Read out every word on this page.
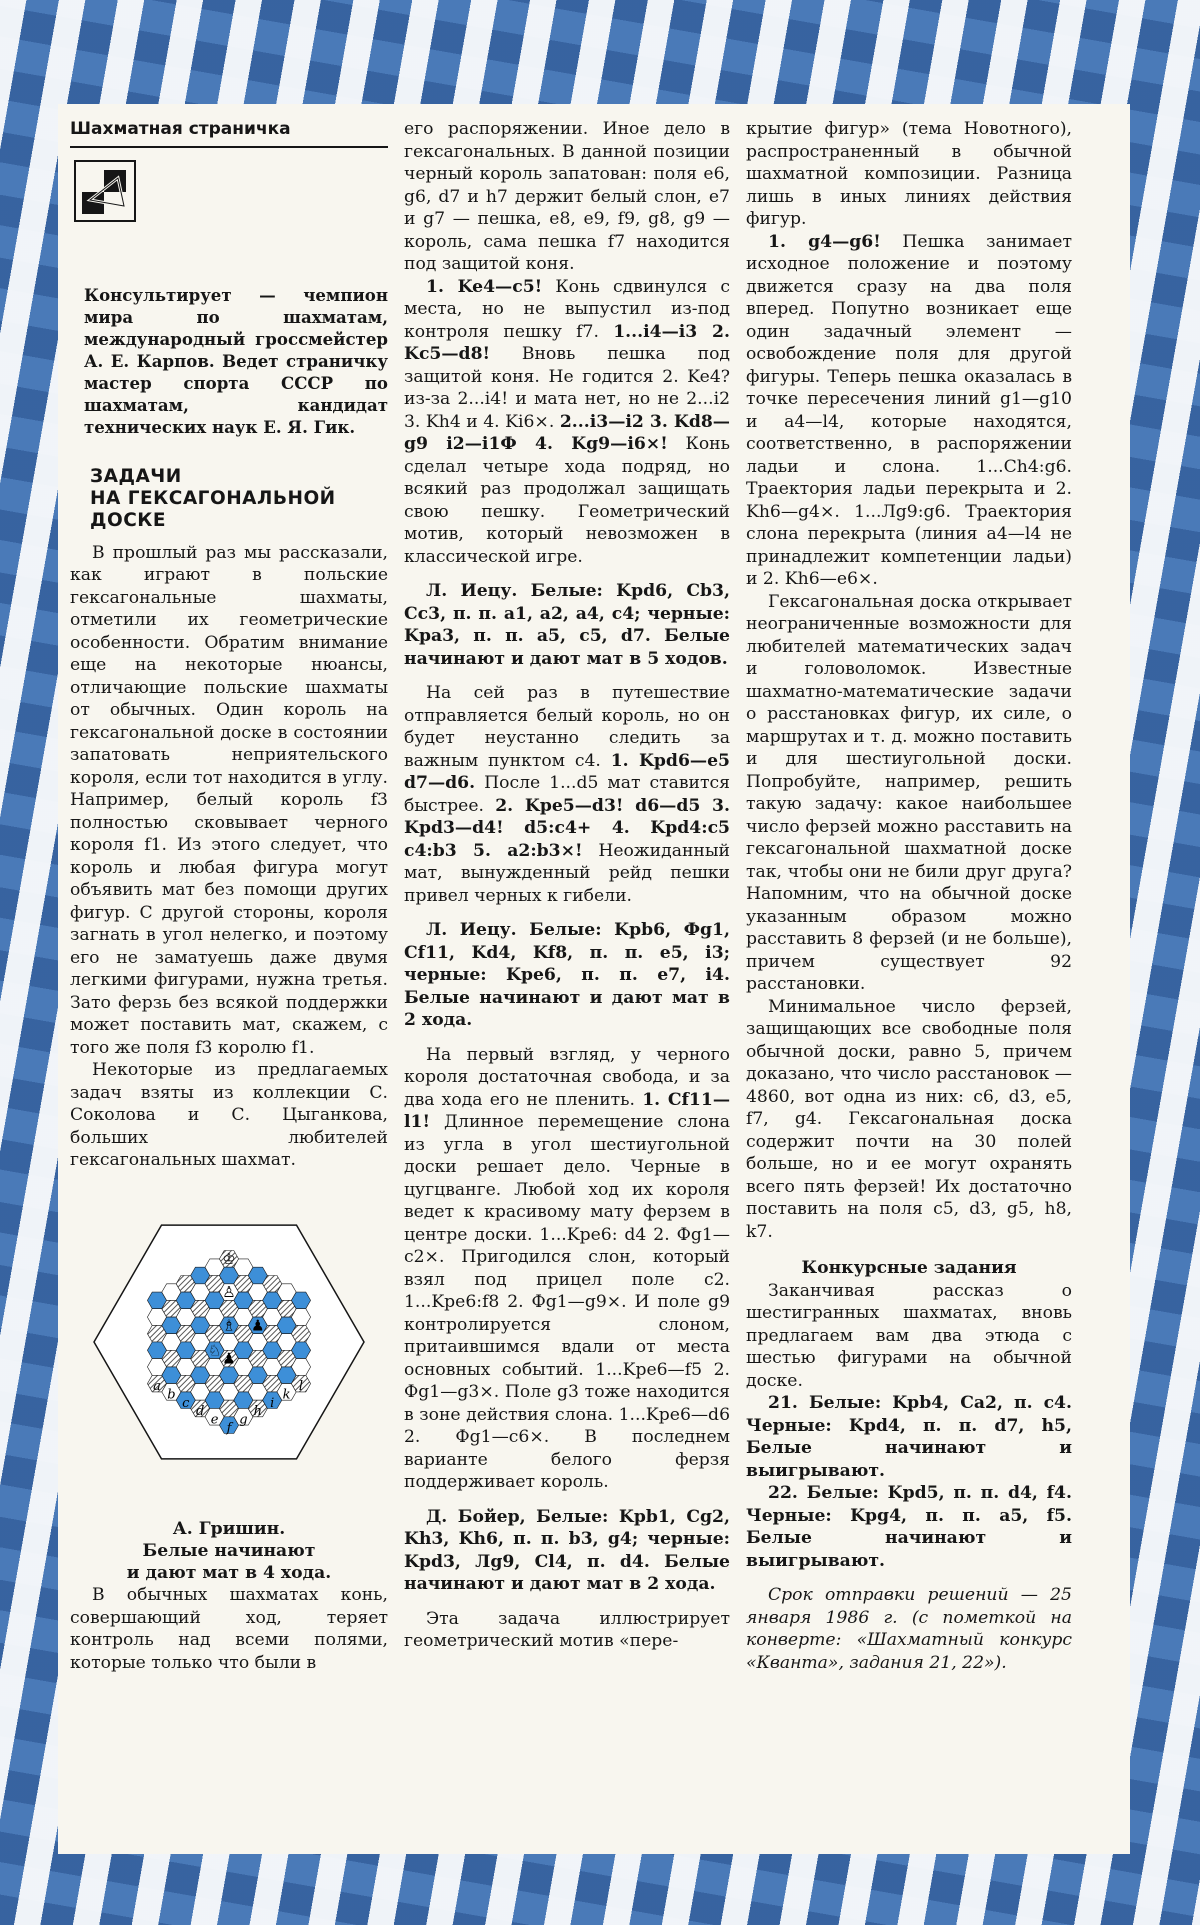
Шахматная страничка

Консультирует — чемпион мира по шахматам, международный гроссмейстер А. Е. Карпов. Ведет страничку мастер спорта СССР по шахматам, кандидат технических наук Е. Я. Гик.

ЗАДАЧИ
НА ГЕКСАГОНАЛЬНОЙ
ДОСКЕ

В прошлый раз мы рассказали, как играют в польские гексагональные шахматы, отметили их геометрические особенности. Обратим внимание еще на некоторые нюансы, отличающие польские шахматы от обычных. Один король на гексагональной доске в состоянии запатовать неприятельского короля, если тот находится в углу. Например, белый король f3 полностью сковывает черного короля f1. Из этого следует, что король и любая фигура могут объявить мат без помощи других фигур. С другой стороны, короля загнать в угол нелегко, и поэтому его не заматуешь даже двумя легкими фигурами, нужна третья. Зато ферзь без всякой поддержки может поставить мат, скажем, с того же поля f3 королю f1.

Некоторые из предлагаемых задач взяты из коллекции С. Соколова и С. Цыганкова, больших любителей гексагональных шахмат.

a
b
c
d
e
f
g
h
i
k
l
♔
♙
♗ ♟
♘ ♟
А. Гришин.
Белые начинают
и дают мат в 4 хода.

В обычных шахматах конь, совершающий ход, теряет контроль над всеми полями, которые только что были в

его распоряжении. Иное дело в гексагональных. В данной позиции черный король запатован: поля e6, g6, d7 и h7 держит белый слон, e7 и g7 — пешка, e8, e9, f9, g8, g9 — король, сама пешка f7 находится под защитой коня.

1. Ke4—c5! Конь сдвинулся с места, но не выпустил из-под контроля пешку f7. 1...i4—i3 2. Kc5—d8! Вновь пешка под защитой коня. Не годится 2. Ke4? из-за 2...i4! и мата нет, но не 2...i2 3. Kh4 и 4. Ki6×. 2...i3—i2 3. Kd8—g9 i2—i1Ф 4. Kg9—i6×! Конь сделал четыре хода подряд, но всякий раз продолжал защищать свою пешку. Геометрический мотив, который невозможен в классической игре.

Л. Иецу. Белые: Kpd6, Cb3, Cc3, п. п. a1, a2, a4, c4; черные: Kpa3, п. п. a5, c5, d7. Белые начинают и дают мат в 5 ходов.

На сей раз в путешествие отправляется белый король, но он будет неустанно следить за важным пунктом c4. 1. Kpd6—e5 d7—d6. После 1...d5 мат ставится быстрее. 2. Kpe5—d3! d6—d5 3. Kpd3—d4! d5:c4+ 4. Kpd4:c5 c4:b3 5. a2:b3×! Неожиданный мат, вынужденный рейд пешки привел черных к гибели.

Л. Иецу. Белые: Kpb6, Фg1, Cf11, Kd4, Kf8, п. п. e5, i3; черные: Kpe6, п. п. e7, i4. Белые начинают и дают мат в 2 хода.

На первый взгляд, у черного короля достаточная свобода, и за два хода его не пленить. 1. Cf11—l1! Длинное перемещение слона из угла в угол шестиугольной доски решает дело. Черные в цугцванге. Любой ход их короля ведет к красивому мату ферзем в центре доски. 1...Kpe6: d4 2. Фg1—c2×. Пригодился слон, который взял под прицел поле c2. 1...Kpe6:f8 2. Фg1—g9×. И поле g9 контролируется слоном, притаившимся вдали от места основных событий. 1...Kpe6—f5 2. Фg1—g3×. Поле g3 тоже находится в зоне действия слона. 1...Kpe6—d6 2. Фg1—c6×. В последнем варианте белого ферзя поддерживает король.

Д. Бойер, Белые: Kpb1, Cg2, Kh3, Kh6, п. п. b3, g4; черные: Kpd3, Лg9, Cl4, п. d4. Белые начинают и дают мат в 2 хода.

Эта задача иллюстрирует геометрический мотив «пере-

крытие фигур» (тема Новотного), распространенный в обычной шахматной композиции. Разница лишь в иных линиях действия фигур.

1. g4—g6! Пешка занимает исходное положение и поэтому движется сразу на два поля вперед. Попутно возникает еще один задачный элемент — освобождение поля для другой фигуры. Теперь пешка оказалась в точке пересечения линий g1—g10 и a4—l4, которые находятся, соответственно, в распоряжении ладьи и слона. 1...Ch4:g6. Траектория ладьи перекрыта и 2. Kh6—g4×. 1...Лg9:g6. Траектория слона перекрыта (линия a4—l4 не принадлежит компетенции ладьи) и 2. Kh6—e6×.

Гексагональная доска открывает неограниченные возможности для любителей математических задач и головоломок. Известные шахматно-математические задачи о расстановках фигур, их силе, о маршрутах и т. д. можно поставить и для шестиугольной доски. Попробуйте, например, решить такую задачу: какое наибольшее число ферзей можно расставить на гексагональной шахматной доске так, чтобы они не били друг друга? Напомним, что на обычной доске указанным образом можно расставить 8 ферзей (и не больше), причем существует 92 расстановки.

Минимальное число ферзей, защищающих все свободные поля обычной доски, равно 5, причем доказано, что число расстановок — 4860, вот одна из них: c6, d3, e5, f7, g4. Гексагональная доска содержит почти на 30 полей больше, но и ее могут охранять всего пять ферзей! Их достаточно поставить на поля c5, d3, g5, h8, k7.

Конкурсные задания

Заканчивая рассказ о шестигранных шахматах, вновь предлагаем вам два этюда с шестью фигурами на обычной доске.

21. Белые: Kpb4, Ca2, п. c4. Черные: Kpd4, п. п. d7, h5, Белые начинают и выигрывают.

22. Белые: Kpd5, п. п. d4, f4. Черные: Kpg4, п. п. a5, f5. Белые начинают и выигрывают.

Срок отправки решений — 25 января 1986 г. (с пометкой на конверте: «Шахматный конкурс «Кванта», задания 21, 22»).
